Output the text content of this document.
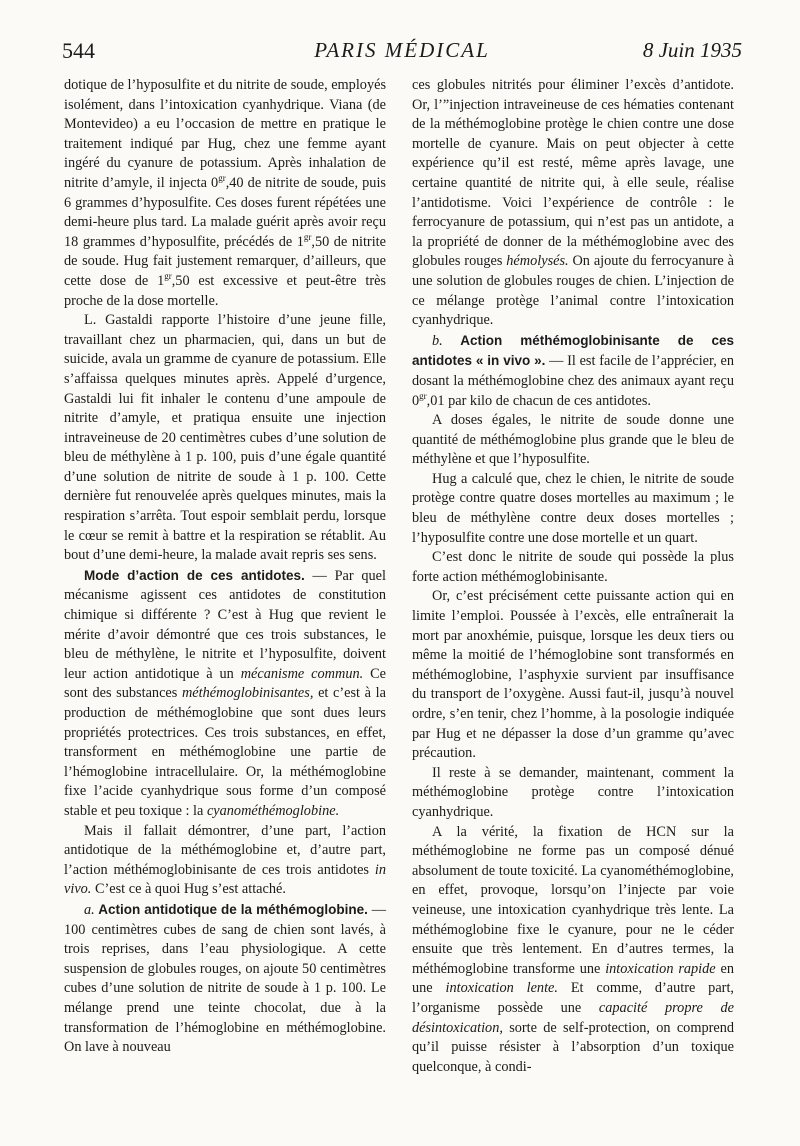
544	PARIS MÉDICAL	8 Juin 1935

dotique de l’hyposulfite et du nitrite de soude, employés isolément, dans l’intoxication cyanhydrique. Viana (de Montevideo) a eu l’occasion de mettre en pratique le traitement indiqué par Hug, chez une femme ayant ingéré du cyanure de potassium. Après inhalation de nitrite d’amyle, il injecta $0^{gr},40$ de nitrite de soude, puis 6 grammes d’hyposulfite. Ces doses furent répétées une demi-heure plus tard. La malade guérit après avoir reçu 18 grammes d’hyposulfite, précédés de $1^{gr},50$ de nitrite de soude. Hug fait justement remarquer, d’ailleurs, que cette dose de $1^{gr},50$ est excessive et peut-être très proche de la dose mortelle.

L. Gastaldi rapporte l’histoire d’une jeune fille, travaillant chez un pharmacien, qui, dans un but de suicide, avala un gramme de cyanure de potassium. Elle s’affaissa quelques minutes après. Appelé d’urgence, Gastaldi lui fit inhaler le contenu d’une ampoule de nitrite d’amyle, et pratiqua ensuite une injection intraveineuse de 20 centimètres cubes d’une solution de bleu de méthylène à 1 p. 100, puis d’une égale quantité d’une solution de nitrite de soude à 1 p. 100. Cette dernière fut renouvelée après quelques minutes, mais la respiration s’arrêta. Tout espoir semblait perdu, lorsque le cœur se remit à battre et la respiration se rétablit. Au bout d’une demi-heure, la malade avait repris ses sens.

Mode d’action de ces antidotes. — Par quel mécanisme agissent ces antidotes de constitution chimique si différente ? C’est à Hug que revient le mérite d’avoir démontré que ces trois substances, le bleu de méthylène, le nitrite et l’hyposulfite, doivent leur action antidotique à un mécanisme commun. Ce sont des substances méthémoglobinisantes, et c’est à la production de méthémoglobine que sont dues leurs propriétés protectrices. Ces trois substances, en effet, transforment en méthémoglobine une partie de l’hémoglobine intracellulaire. Or, la méthémoglobine fixe l’acide cyanhydrique sous forme d’un composé stable et peu toxique : la cyanométhémoglobine.

Mais il fallait démontrer, d’une part, l’action antidotique de la méthémoglobine et, d’autre part, l’action méthémoglobinisante de ces trois antidotes in vivo. C’est ce à quoi Hug s’est attaché.

a. Action antidotique de la méthémoglobine. — 100 centimètres cubes de sang de chien sont lavés, à trois reprises, dans l’eau physiologique. A cette suspension de globules rouges, on ajoute 50 centimètres cubes d’une solution de nitrite de soude à 1 p. 100. Le mélange prend une teinte chocolat, due à la transformation de l’hémoglobine en méthémoglobine. On lave à nouveau

ces globules nitrités pour éliminer l’excès d’antidote. Or, l’”injection intraveineuse de ces hématies contenant de la méthémoglobine protège le chien contre une dose mortelle de cyanure. Mais on peut objecter à cette expérience qu’il est resté, même après lavage, une certaine quantité de nitrite qui, à elle seule, réalise l’antidotisme. Voici l’expérience de contrôle : le ferrocyanure de potassium, qui n’est pas un antidote, a la propriété de donner de la méthémoglobine avec des globules rouges hémolysés. On ajoute du ferrocyanure à une solution de globules rouges de chien. L’injection de ce mélange protège l’animal contre l’intoxication cyanhydrique.

b. Action méthémoglobinisante de ces antidotes « in vivo ». — Il est facile de l’apprécier, en dosant la méthémoglobine chez des animaux ayant reçu $0^{gr},01$ par kilo de chacun de ces antidotes.

A doses égales, le nitrite de soude donne une quantité de méthémoglobine plus grande que le bleu de méthylène et que l’hyposulfite.

Hug a calculé que, chez le chien, le nitrite de soude protège contre quatre doses mortelles au maximum ; le bleu de méthylène contre deux doses mortelles ; l’hyposulfite contre une dose mortelle et un quart.

C’est donc le nitrite de soude qui possède la plus forte action méthémoglobinisante.

Or, c’est précisément cette puissante action qui en limite l’emploi. Poussée à l’excès, elle entraînerait la mort par anoxhémie, puisque, lorsque les deux tiers ou même la moitié de l’hémoglobine sont transformés en méthémoglobine, l’asphyxie survient par insuffisance du transport de l’oxygène. Aussi faut-il, jusqu’à nouvel ordre, s’en tenir, chez l’homme, à la posologie indiquée par Hug et ne dépasser la dose d’un gramme qu’avec précaution.

Il reste à se demander, maintenant, comment la méthémoglobine protège contre l’intoxication cyanhydrique.

A la vérité, la fixation de HCN sur la méthémoglobine ne forme pas un composé dénué absolument de toute toxicité. La cyanométhémoglobine, en effet, provoque, lorsqu’on l’injecte par voie veineuse, une intoxication cyanhydrique très lente. La méthémoglobine fixe le cyanure, pour ne le céder ensuite que très lentement. En d’autres termes, la méthémoglobine transforme une intoxication rapide en une intoxication lente. Et comme, d’autre part, l’organisme possède une capacité propre de désintoxication, sorte de self-protection, on comprend qu’il puisse résister à l’absorption d’un toxique quelconque, à condi-
